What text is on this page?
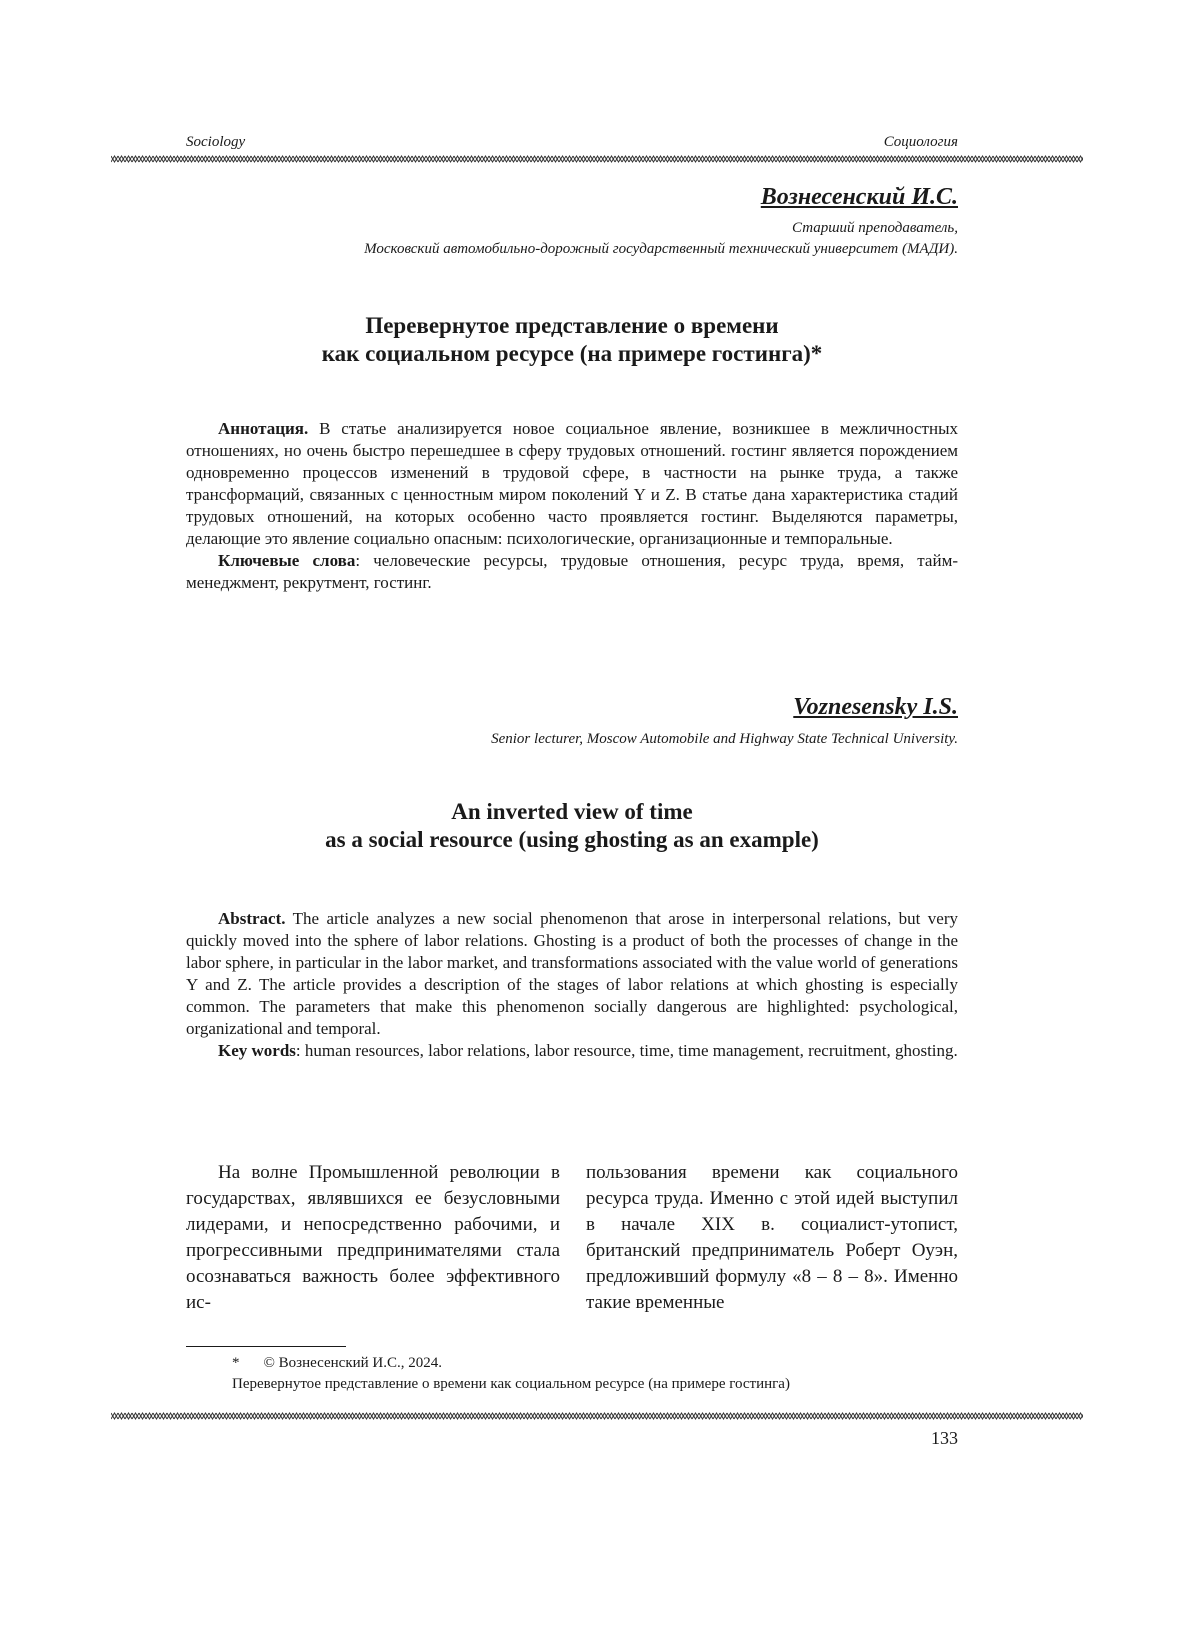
Sociology	Социология
Вознесенский И.С.
Старший преподаватель,
Московский автомобильно-дорожный государственный технический университет (МАДИ).
Перевернутое представление о времени
как социальном ресурсе (на примере гостинга)*

Аннотация. В статье анализируется новое социальное явление, возникшее в межличностных отношениях, но очень быстро перешедшее в сферу трудовых отношений. гостинг является порождением одновременно процессов изменений в трудовой сфере, в частности на рынке труда, а также трансформаций, связанных с ценностным миром поколений Y и Z. В статье дана характеристика стадий трудовых отношений, на которых особенно часто проявляется гостинг. Выделяются параметры, делающие это явление социально опасным: психологические, организационные и темпоральные.

Ключевые слова: человеческие ресурсы, трудовые отношения, ресурс труда, время, тайм-менеджмент, рекрутмент, гостинг.

Voznesensky I.S.
Senior lecturer, Moscow Automobile and Highway State Technical University.
An inverted view of time
as a social resource (using ghosting as an example)

Abstract. The article analyzes a new social phenomenon that arose in interpersonal relations, but very quickly moved into the sphere of labor relations. Ghosting is a product of both the processes of change in the labor sphere, in particular in the labor market, and transformations associated with the value world of generations Y and Z. The article provides a description of the stages of labor relations at which ghosting is especially common. The parameters that make this phenomenon socially dangerous are highlighted: psychological, organizational and temporal.

Key words: human resources, labor relations, labor resource, time, time management, recruitment, ghosting.

На волне Промышленной революции в государствах, являвшихся ее безусловными лидерами, и непосредственно рабочими, и прогрессивными предпринимателями стала осознаваться важность более эффективного ис-

пользования времени как социального ресурса труда. Именно с этой идей выступил в начале XIX в. социалист-утопист, британский предприниматель Роберт Оуэн, предложивший формулу «8 – 8 – 8». Именно такие временные

* © Вознесенский И.С., 2024.
Перевернутое представление о времени как социальном ресурсе (на примере гостинга)
133
